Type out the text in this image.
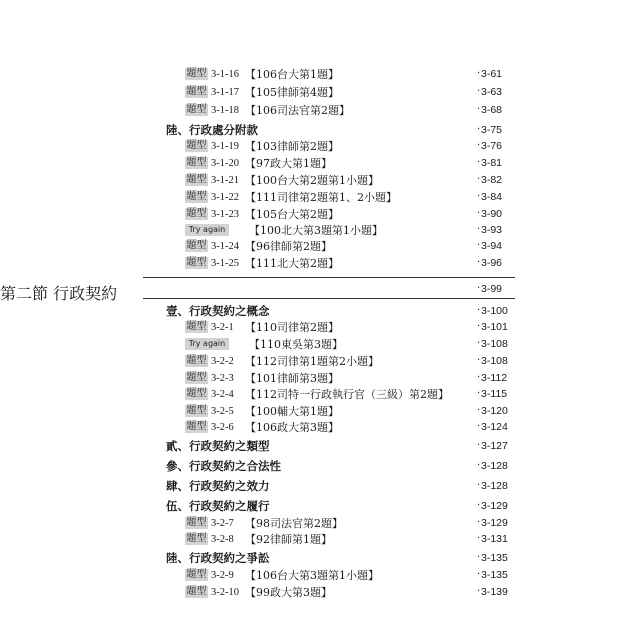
題型 3-1-16 【106台大第1題】	· 3-61
題型 3-1-17 【105律師第4題】	· 3-63
題型 3-1-18 【106司法官第2題】	· 3-68
陸、行政處分附款	· 3-75
題型 3-1-19 【103律師第2題】	· 3-76
題型 3-1-20 【97政大第1題】	· 3-81
題型 3-1-21 【100台大第2題第1小題】	· 3-82
題型 3-1-22 【111司律第2題第1、2小題】	· 3-84
題型 3-1-23 【105台大第2題】	· 3-90
Try again	【100北大第3題第1小題】	· 3-93
題型 3-1-24 【96律師第2題】	· 3-94
題型 3-1-25 【111北大第2題】	· 3-96
第二節 行政契約	· 3-99
壹、行政契約之概念	· 3-100
題型 3-2-1 【110司律第2題】	· 3-101
Try again	【110東吳第3題】	· 3-108
題型 3-2-2 【112司律第1題第2小題】	· 3-108
題型 3-2-3 【101律師第3題】	· 3-112
題型 3-2-4 【112司特一行政執行官（三級）第2題】	· 3-115
題型 3-2-5 【100輔大第1題】	· 3-120
題型 3-2-6 【106政大第3題】	· 3-124
貳、行政契約之類型	· 3-127
參、行政契約之合法性	· 3-128
肆、行政契約之效力	· 3-128
伍、行政契約之履行	· 3-129
題型 3-2-7 【98司法官第2題】	· 3-129
題型 3-2-8 【92律師第1題】	· 3-131
陸、行政契約之爭訟	· 3-135
題型 3-2-9 【106台大第3題第1小題】	· 3-135
題型 3-2-10 【99政大第3題】	· 3-139
